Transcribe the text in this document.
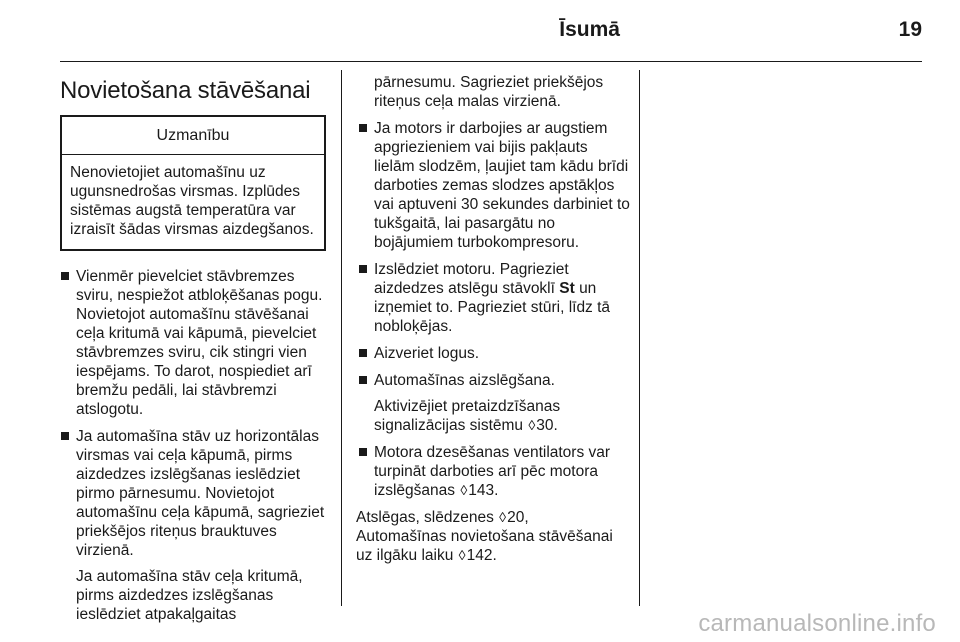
Īsumā	19
Novietošana stāvēšanai
Uzmanību
Nenovietojiet automašīnu uz ugunsnedrošas virsmas. Izplūdes sistēmas augstā temperatūra var izraisīt šādas virsmas aizdegšanos.
Vienmēr pievelciet stāvbremzes sviru, nespiežot atbloķēšanas pogu. Novietojot automašīnu stāvēšanai ceļa kritumā vai kāpumā, pievelciet stāvbremzes sviru, cik stingri vien iespējams. To darot, nospiediet arī bremžu pedāli, lai stāvbremzi atslogotu.
Ja automašīna stāv uz horizontālas virsmas vai ceļa kāpumā, pirms aizdedzes izslēgšanas ieslēdziet pirmo pārnesumu. Novietojot automašīnu ceļa kāpumā, sagrieziet priekšējos riteņus brauktuves virzienā.
Ja automašīna stāv ceļa kritumā, pirms aizdedzes izslēgšanas ieslēdziet atpakaļgaitas
pārnesumu. Sagrieziet priekšējos riteņus ceļa malas virzienā.
Ja motors ir darbojies ar augstiem apgriezieniem vai bijis pakļauts lielām slodzēm, ļaujiet tam kādu brīdi darboties zemas slodzes apstākļos vai aptuveni 30 sekundes darbiniet to tukšgaitā, lai pasargātu no bojājumiem turbokompresoru.
Izslēdziet motoru. Pagrieziet aizdedzes atslēgu stāvoklī St un izņemiet to. Pagrieziet stūri, līdz tā nobloķējas.
Aizveriet logus.
Automašīnas aizslēgšana.
Aktivizējiet pretaizdzīšanas signalizācijas sistēmu ◊30.
Motora dzesēšanas ventilators var turpināt darboties arī pēc motora izslēgšanas ◊143.
Atslēgas, slēdzenes ◊20,
Automašīnas novietošana stāvēšanai uz ilgāku laiku ◊142.
carmanualsonline.info
